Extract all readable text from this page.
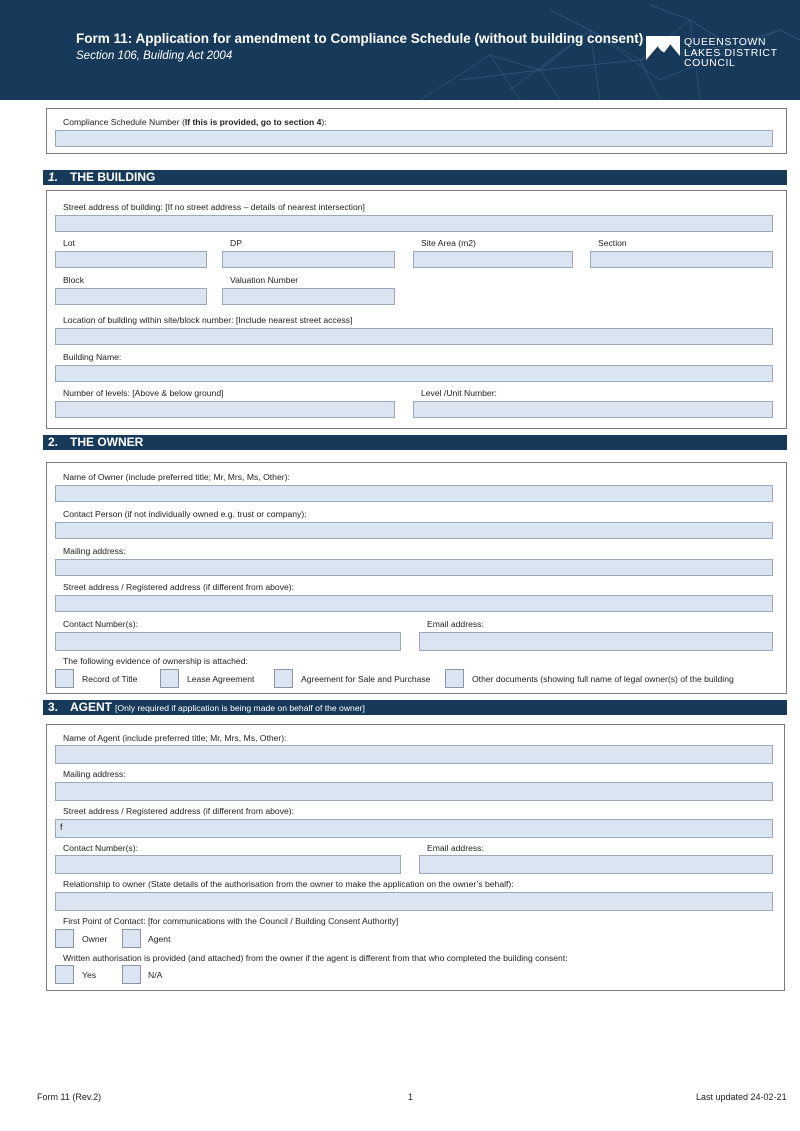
Form 11: Application for amendment to Compliance Schedule (without building consent)
Section 106, Building Act 2004
QUEENSTOWN
LAKES DISTRICT
COUNCIL
Compliance Schedule Number (If this is provided, go to section 4):
1. THE BUILDING
Street address of building: [If no street address – details of nearest intersection]
Lot	DP	Site Area (m2)	Section
Block	Valuation Number
Location of building within site/block number: [Include nearest street access]
Building Name:
Number of levels: [Above & below ground]	Level /Unit Number:
2. THE OWNER
Name of Owner (include preferred title; Mr, Mrs, Ms, Other):
Contact Person (if not individually owned e.g. trust or company):
Mailing address:
Street address / Registered address (if different from above):
Contact Number(s):	Email address:
The following evidence of ownership is attached:
Record of Title	Lease Agreement	Agreement for Sale and Purchase	Other documents (showing full name of legal owner(s) of the building
3. AGENT [Only required if application is being made on behalf of the owner]
Name of Agent (include preferred title; Mr, Mrs, Ms, Other):
Mailing address:
Street address / Registered address (if different from above):
f
Contact Number(s):	Email address:
Relationship to owner (State details of the authorisation from the owner to make the application on the owner’s behalf):
First Point of Contact: [for communications with the Council / Building Consent Authority]
Owner	Agent
Written authorisation is provided (and attached) from the owner if the agent is different from that who completed the building consent:
Yes	N/A
Form 11 (Rev.2)	1	Last updated 24-02-21
